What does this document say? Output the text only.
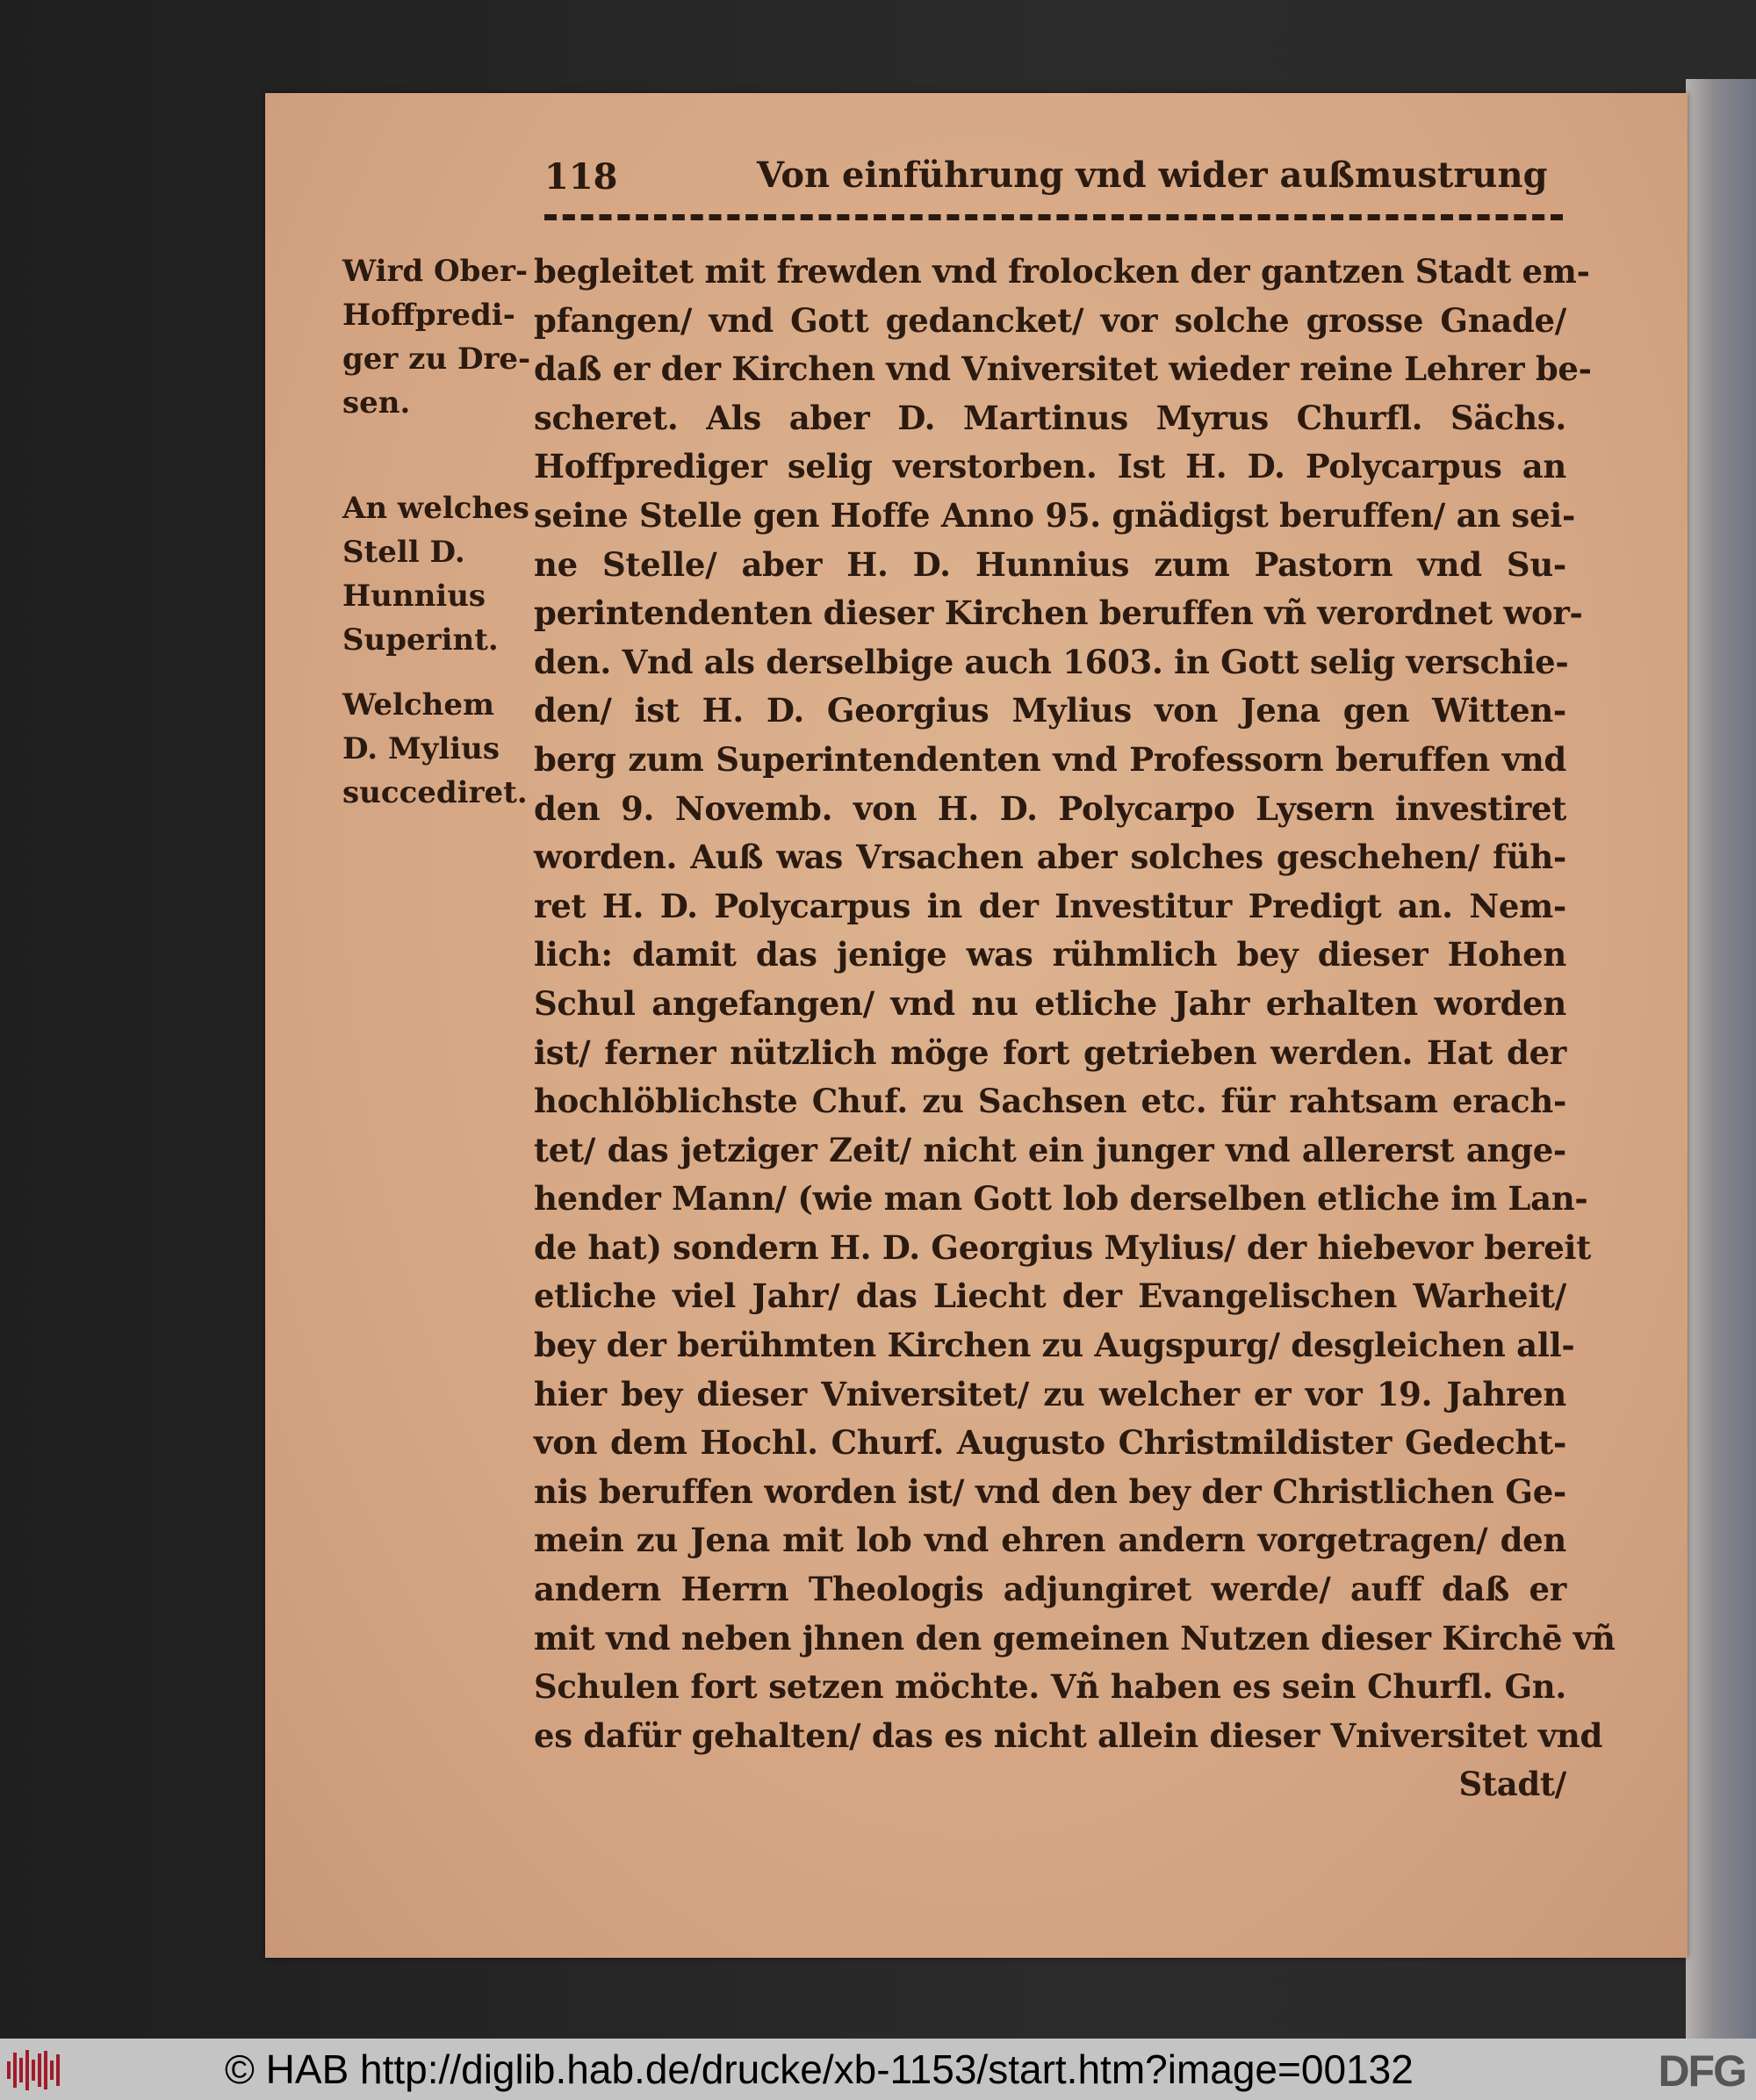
118	Von einführung vnd wider außmustrung
Wird Ober-
Hoffpredi-
ger zu Dre-
sen.
An welches
Stell D.
Hunnius
Superint.
Welchem
D. Mylius
succediret.
begleitet mit frewden vnd frolocken der gantzen Stadt em-
pfangen/ vnd Gott gedancket/ vor solche grosse Gnade/
daß er der Kirchen vnd Vniversitet wieder reine Lehrer be-
scheret. Als aber D. Martinus Myrus Churfl. Sächs.
Hoffprediger selig verstorben. Ist H. D. Polycarpus an
seine Stelle gen Hoffe Anno 95. gnädigst beruffen/ an sei-
ne Stelle/ aber H. D. Hunnius zum Pastorn vnd Su-
perintendenten dieser Kirchen beruffen vñ verordnet wor-
den. Vnd als derselbige auch 1603. in Gott selig verschie-
den/ ist H. D. Georgius Mylius von Jena gen Witten-
berg zum Superintendenten vnd Professorn beruffen vnd
den 9. Novemb. von H. D. Polycarpo Lysern investiret
worden. Auß was Vrsachen aber solches geschehen/ füh-
ret H. D. Polycarpus in der Investitur Predigt an. Nem-
lich: damit das jenige was rühmlich bey dieser Hohen
Schul angefangen/ vnd nu etliche Jahr erhalten worden
ist/ ferner nützlich möge fort getrieben werden. Hat der
hochlöblichste Chuf. zu Sachsen etc. für rahtsam erach-
tet/ das jetziger Zeit/ nicht ein junger vnd allererst ange-
hender Mann/ (wie man Gott lob derselben etliche im Lan-
de hat) sondern H. D. Georgius Mylius/ der hiebevor bereit
etliche viel Jahr/ das Liecht der Evangelischen Warheit/
bey der berühmten Kirchen zu Augspurg/ desgleichen all-
hier bey dieser Vniversitet/ zu welcher er vor 19. Jahren
von dem Hochl. Churf. Augusto Christmildister Gedecht-
nis beruffen worden ist/ vnd den bey der Christlichen Ge-
mein zu Jena mit lob vnd ehren andern vorgetragen/ den
andern Herrn Theologis adjungiret werde/ auff daß er
mit vnd neben jhnen den gemeinen Nutzen dieser Kirchē vñ
Schulen fort setzen möchte. Vñ haben es sein Churfl. Gn.
es dafür gehalten/ das es nicht allein dieser Vniversitet vnd
Stadt/
© HAB http://diglib.hab.de/drucke/xb-1153/start.htm?image=00132	DFG
